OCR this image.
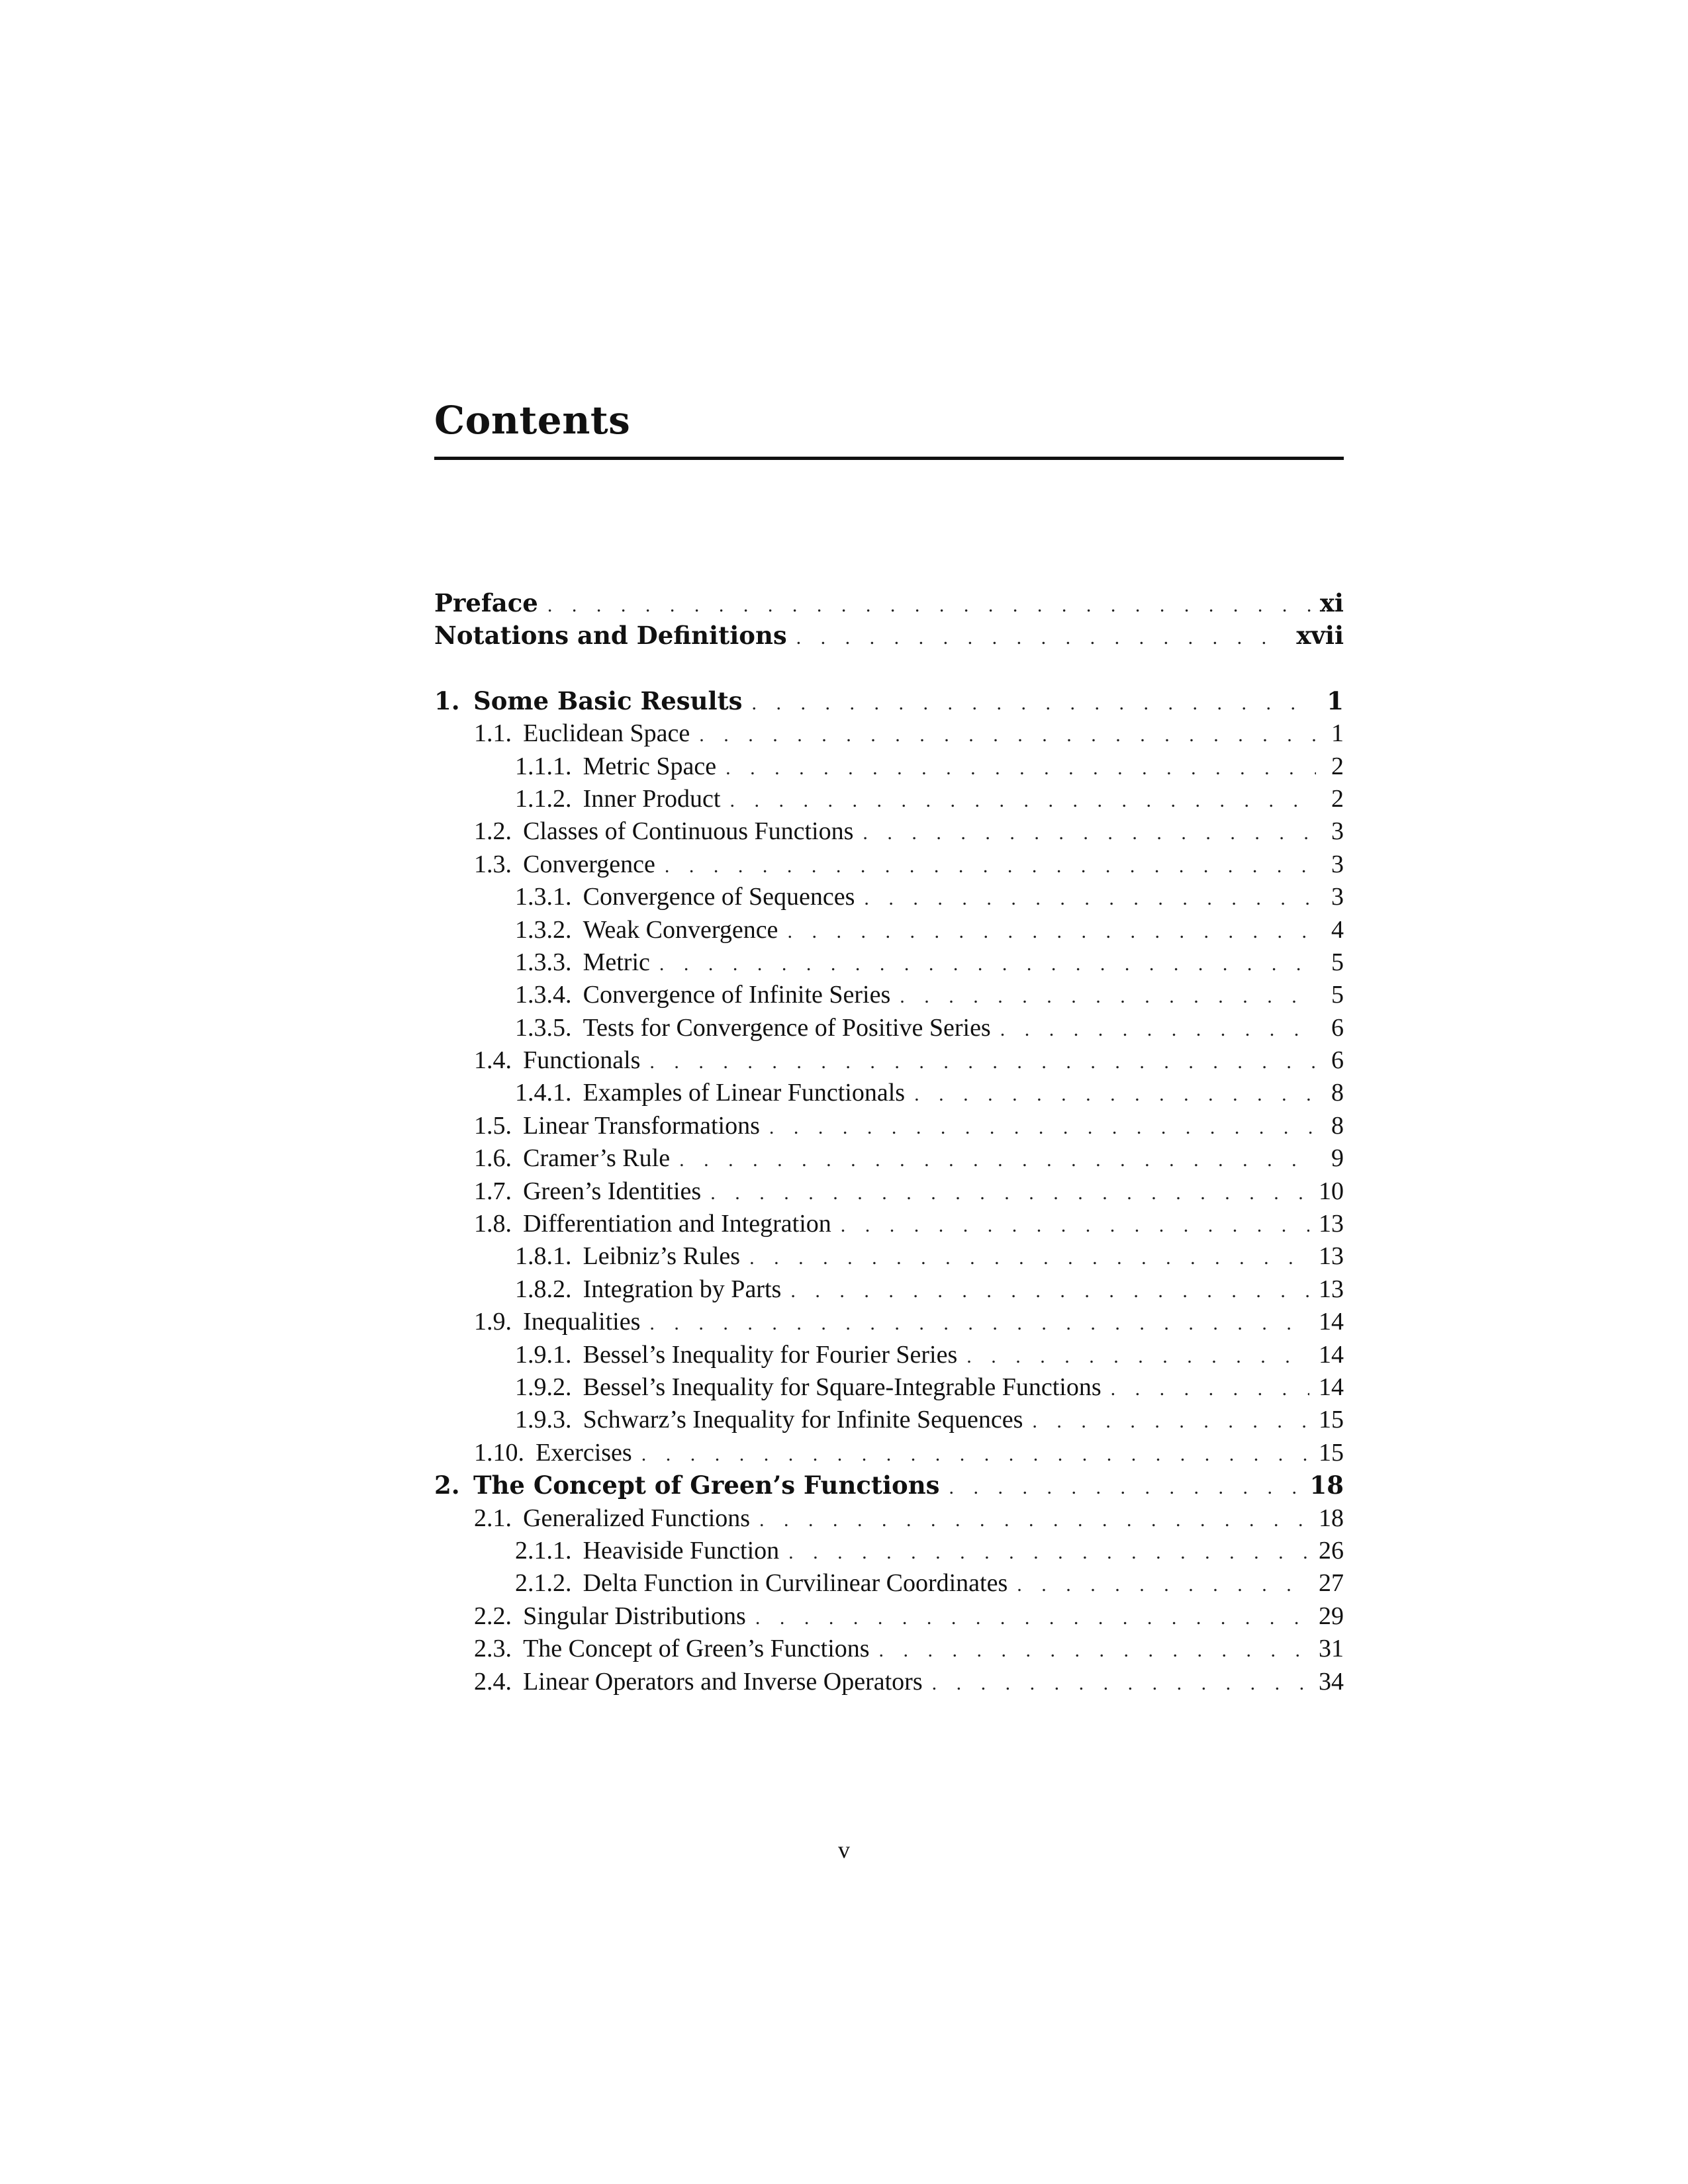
Contents
Preface . . .	xi
Notations and Definitions . . .	xvii
1. Some Basic Results . . .	1
1.1. Euclidean Space . . .	1
1.1.1. Metric Space . . .	2
1.1.2. Inner Product . . .	2
1.2. Classes of Continuous Functions . . .	3
1.3. Convergence . . .	3
1.3.1. Convergence of Sequences . . .	3
1.3.2. Weak Convergence . . .	4
1.3.3. Metric . . .	5
1.3.4. Convergence of Infinite Series . . .	5
1.3.5. Tests for Convergence of Positive Series . . .	6
1.4. Functionals . . .	6
1.4.1. Examples of Linear Functionals . . .	8
1.5. Linear Transformations . . .	8
1.6. Cramer’s Rule . . .	9
1.7. Green’s Identities . . .	10
1.8. Differentiation and Integration . . .	13
1.8.1. Leibniz’s Rules . . .	13
1.8.2. Integration by Parts . . .	13
1.9. Inequalities . . .	14
1.9.1. Bessel’s Inequality for Fourier Series . . .	14
1.9.2. Bessel’s Inequality for Square-Integrable Functions . . .	14
1.9.3. Schwarz’s Inequality for Infinite Sequences . . .	15
1.10. Exercises . . .	15
2. The Concept of Green’s Functions . . .	18
2.1. Generalized Functions . . .	18
2.1.1. Heaviside Function . . .	26
2.1.2. Delta Function in Curvilinear Coordinates . . .	27
2.2. Singular Distributions . . .	29
2.3. The Concept of Green’s Functions . . .	31
2.4. Linear Operators and Inverse Operators . . .	34
v
